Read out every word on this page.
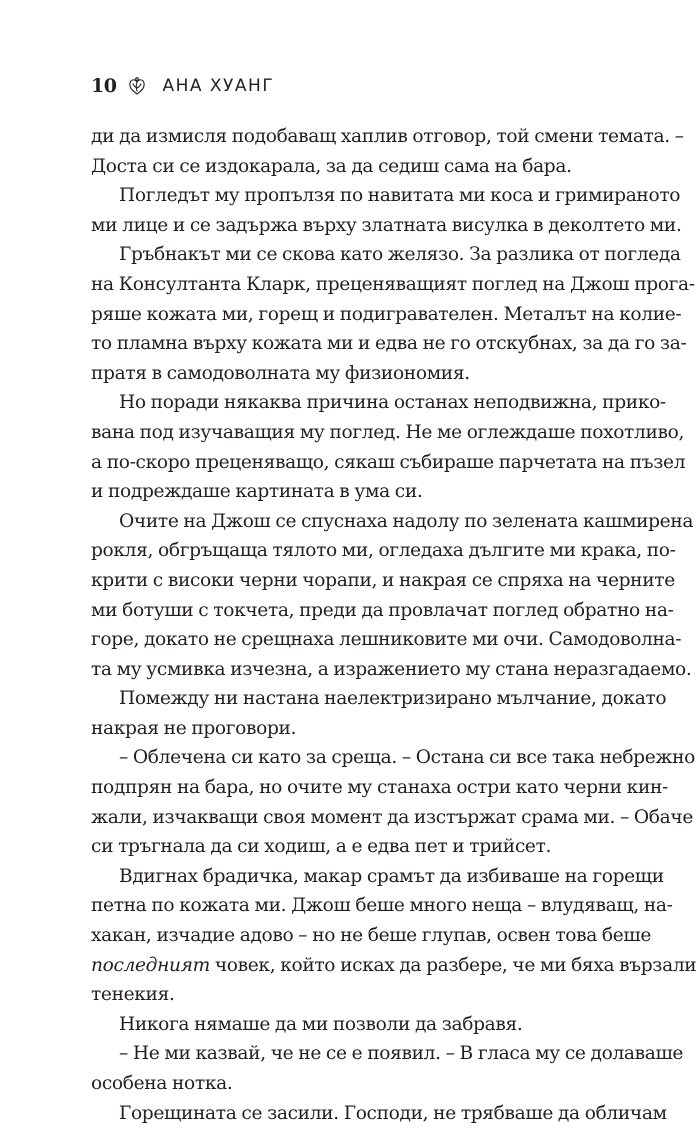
10	АНА ХУАНГ
ди да измисля подобаващ хаплив отговор, той смени темата. –
Доста си се издокарала, за да седиш сама на бара.
Погледът му пропълзя по навитата ми коса и гримираното
ми лице и се задържа върху златната висулка в деколтето ми.
Гръбнакът ми се скова като желязо. За разлика от погледа
на Консултанта Кларк, преценяващият поглед на Джош прога-
ряше кожата ми, горещ и подигравателен. Металът на колие-
то пламна върху кожата ми и едва не го отскубнах, за да го за-
пратя в самодоволната му физиономия.
Но поради някаква причина останах неподвижна, прико-
вана под изучаващия му поглед. Не ме оглеждаше похотливо,
а по-скоро преценяващо, сякаш събираше парчетата на пъзел
и подреждаше картината в ума си.
Очите на Джош се спуснаха надолу по зелената кашмирена
рокля, обгръщаща тялото ми, огледаха дългите ми крака, по-
крити с високи черни чорапи, и накрая се спряха на черните
ми ботуши с токчета, преди да провлачат поглед обратно на-
горе, докато не срещнаха лешниковите ми очи. Самодоволна-
та му усмивка изчезна, а изражението му стана неразгадаемо.
Помежду ни настана наелектризирано мълчание, докато
накрая не проговори.
– Облечена си като за среща. – Остана си все така небрежно
подпрян на бара, но очите му станаха остри като черни кин-
жали, изчакващи своя момент да изстържат срама ми. – Обаче
си тръгнала да си ходиш, а е едва пет и трийсет.
Вдигнах брадичка, макар срамът да избиваше на горещи
петна по кожата ми. Джош беше много неща – влудяващ, на-
хакан, изчадие адово – но не беше глупав, освен това беше
последният човек, който исках да разбере, че ми бяха вързали
тенекия.
Никога нямаше да ми позволи да забравя.
– Не ми казвай, че не се е появил. – В гласа му се долаваше
особена нотка.
Горещината се засили. Господи, не трябваше да обличам
